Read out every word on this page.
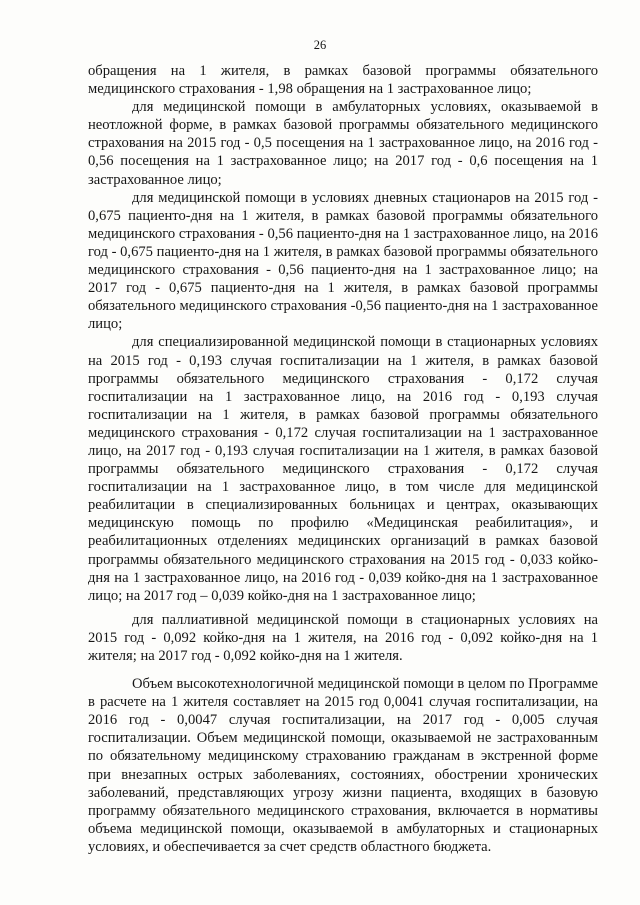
26

обращения на 1 жителя, в рамках базовой программы обязательного медицинского страхования - 1,98 обращения на 1 застрахованное лицо;

для медицинской помощи в амбулаторных условиях, оказываемой в неотложной форме, в рамках базовой программы обязательного медицинского страхования на 2015 год - 0,5 посещения на 1 застрахованное лицо, на 2016 год - 0,56 посещения на 1 застрахованное лицо; на 2017 год - 0,6 посещения на 1 застрахованное лицо;

для медицинской помощи в условиях дневных стационаров на 2015 год - 0,675 пациенто-дня на 1 жителя, в рамках базовой программы обязательного медицинского страхования - 0,56 пациенто-дня на 1 застрахованное лицо, на 2016 год - 0,675 пациенто-дня на 1 жителя, в рамках базовой программы обязательного медицинского страхования - 0,56 пациенто-дня на 1 застрахованное лицо; на 2017 год - 0,675 пациенто-дня на 1 жителя, в рамках базовой программы обязательного медицинского страхования -0,56 пациенто-дня на 1 застрахованное лицо;

для специализированной медицинской помощи в стационарных условиях на 2015 год - 0,193 случая госпитализации на 1 жителя, в рамках базовой программы обязательного медицинского страхования - 0,172 случая госпитализации на 1 застрахованное лицо, на 2016 год - 0,193 случая госпитализации на 1 жителя, в рамках базовой программы обязательного медицинского страхования - 0,172 случая госпитализации на 1 застрахованное лицо, на 2017 год - 0,193 случая госпитализации на 1 жителя, в рамках базовой программы обязательного медицинского страхования - 0,172 случая госпитализации на 1 застрахованное лицо, в том числе для медицинской реабилитации в специализированных больницах и центрах, оказывающих медицинскую помощь по профилю «Медицинская реабилитация», и реабилитационных отделениях медицинских организаций в рамках базовой программы обязательного медицинского страхования на 2015 год - 0,033 койко-дня на 1 застрахованное лицо, на 2016 год - 0,039 койко-дня на 1 застрахованное лицо; на 2017 год – 0,039 койко-дня на 1 застрахованное лицо;

для паллиативной медицинской помощи в стационарных условиях на 2015 год - 0,092 койко-дня на 1 жителя, на 2016 год - 0,092 койко-дня на 1 жителя; на 2017 год - 0,092 койко-дня на 1 жителя.

Объем высокотехнологичной медицинской помощи в целом по Программе в расчете на 1 жителя составляет на 2015 год 0,0041 случая госпитализации, на 2016 год - 0,0047 случая госпитализации, на 2017 год - 0,005 случая госпитализации. Объем медицинской помощи, оказываемой не застрахованным по обязательному медицинскому страхованию гражданам в экстренной форме при внезапных острых заболеваниях, состояниях, обострении хронических заболеваний, представляющих угрозу жизни пациента, входящих в базовую программу обязательного медицинского страхования, включается в нормативы объема медицинской помощи, оказываемой в амбулаторных и стационарных условиях, и обеспечивается за счет средств областного бюджета.
